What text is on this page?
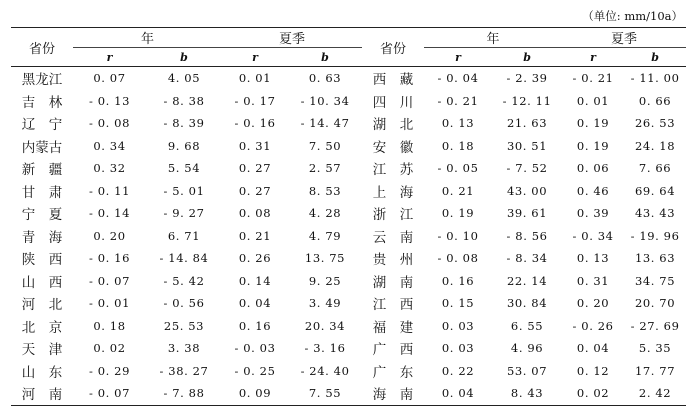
（单位: mm/10a）
省份	年		夏季		省份	年		夏季	
	r	b	r	b		r	b	r	b
黑龙江	0. 07	4. 05	0. 01	0. 63	西　藏	- 0. 04	- 2. 39	- 0. 21	- 11. 00
吉　林	- 0. 13	- 8. 38	- 0. 17	- 10. 34	四　川	- 0. 21	- 12. 11	0. 01	0. 66
辽　宁	- 0. 08	- 8. 39	- 0. 16	- 14. 47	湖　北	0. 13	21. 63	0. 19	26. 53
内蒙古	0. 34	9. 68	0. 31	7. 50	安　徽	0. 18	30. 51	0. 19	24. 18
新　疆	0. 32	5. 54	0. 27	2. 57	江　苏	- 0. 05	- 7. 52	0. 06	7. 66
甘　肃	- 0. 11	- 5. 01	0. 27	8. 53	上　海	0. 21	43. 00	0. 46	69. 64
宁　夏	- 0. 14	- 9. 27	0. 08	4. 28	浙　江	0. 19	39. 61	0. 39	43. 43
青　海	0. 20	6. 71	0. 21	4. 79	云　南	- 0. 10	- 8. 56	- 0. 34	- 19. 96
陕　西	- 0. 16	- 14. 84	0. 26	13. 75	贵　州	- 0. 08	- 8. 34	0. 13	13. 63
山　西	- 0. 07	- 5. 42	0. 14	9. 25	湖　南	0. 16	22. 14	0. 31	34. 75
河　北	- 0. 01	- 0. 56	0. 04	3. 49	江　西	0. 15	30. 84	0. 20	20. 70
北　京	0. 18	25. 53	0. 16	20. 34	福　建	0. 03	6. 55	- 0. 26	- 27. 69
天　津	0. 02	3. 38	- 0. 03	- 3. 16	广　西	0. 03	4. 96	0. 04	5. 35
山　东	- 0. 29	- 38. 27	- 0. 25	- 24. 40	广　东	0. 22	53. 07	0. 12	17. 77
河　南	- 0. 07	- 7. 88	0. 09	7. 55	海　南	0. 04	8. 43	0. 02	2. 42
